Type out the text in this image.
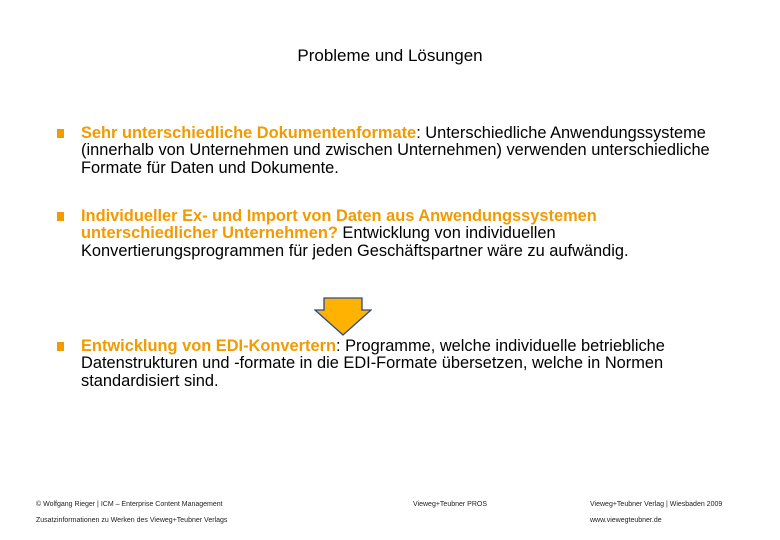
Probleme und Lösungen
Sehr unterschiedliche Dokumentenformate: Unterschiedliche Anwendungssysteme (innerhalb von Unternehmen und zwischen Unternehmen) verwenden unterschiedliche Formate für Daten und Dokumente.
Individueller Ex- und Import von Daten aus Anwendungssystemen unterschiedlicher Unternehmen? Entwicklung von individuellen Konvertierungsprogrammen für jeden Geschäftspartner wäre zu aufwändig.
Entwicklung von EDI-Konvertern: Programme, welche individuelle betriebliche Datenstrukturen und -formate in die EDI-Formate übersetzen, welche in Normen standardisiert sind.
© Wolfgang Rieger | ICM – Enterprise Content Management
Zusatzinformationen zu Werken des Vieweg+Teubner Verlags
Vieweg+Teubner PROS	Vieweg+Teubner Verlag | Wiesbaden 2009
www.viewegteubner.de
